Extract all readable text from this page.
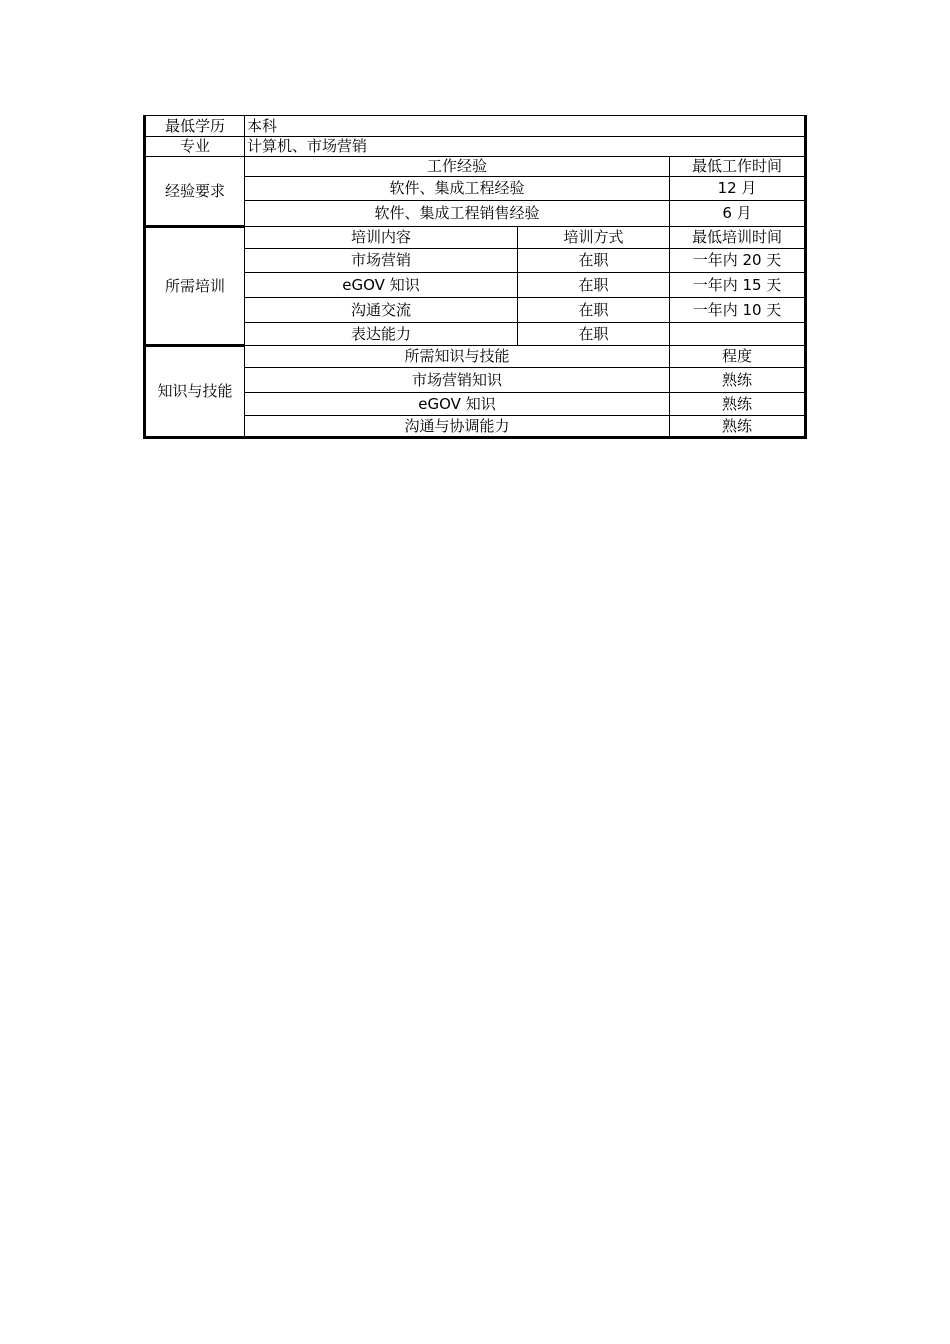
最低学历	本科		
专业	计算机、市场营销		
经验要求	工作经验		最低工作时间
	软件、集成工程经验		12 月
	软件、集成工程销售经验		6 月
所需培训	培训内容	培训方式	最低培训时间
	市场营销	在职	一年内 20 天
	eGOV 知识	在职	一年内 15 天
	沟通交流	在职	一年内 10 天
	表达能力	在职	
知识与技能	所需知识与技能		程度
	市场营销知识		熟练
	eGOV 知识		熟练
	沟通与协调能力		熟练
